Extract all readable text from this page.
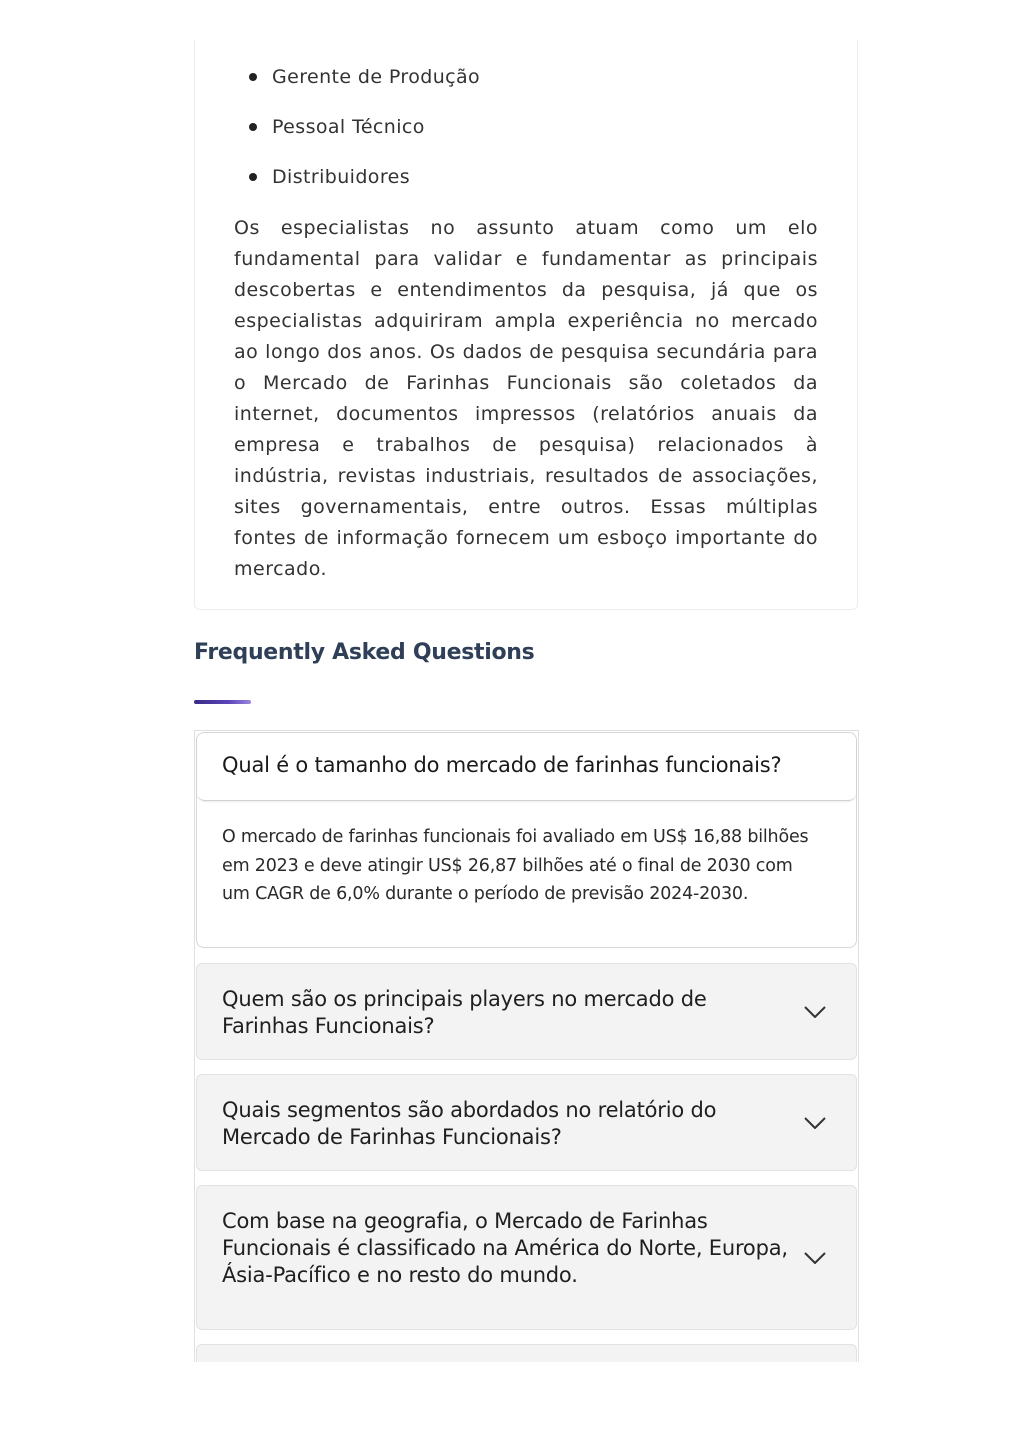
Gerente de Produção
Pessoal Técnico
Distribuidores

Os especialistas no assunto atuam como um elo fundamental para validar e fundamentar as principais descobertas e entendimentos da pesquisa, já que os especialistas adquiriram ampla experiência no mercado ao longo dos anos. Os dados de pesquisa secundária para o Mercado de Farinhas Funcionais são coletados da internet, documentos impressos (relatórios anuais da empresa e trabalhos de pesquisa) relacionados à indústria, revistas industriais, resultados de associações, sites governamentais, entre outros. Essas múltiplas fontes de informação fornecem um esboço importante do mercado.

Frequently Asked Questions

Qual é o tamanho do mercado de farinhas funcionais?

O mercado de farinhas funcionais foi avaliado em US$ 16,88 bilhões em 2023 e deve atingir US$ 26,87 bilhões até o final de 2030 com um CAGR de 6,0% durante o período de previsão 2024-2030.

Quem são os principais players no mercado de Farinhas Funcionais?

Quais segmentos são abordados no relatório do Mercado de Farinhas Funcionais?

Com base na geografia, o Mercado de Farinhas Funcionais é classificado na América do Norte, Europa, Ásia-Pacífico e no resto do mundo.
